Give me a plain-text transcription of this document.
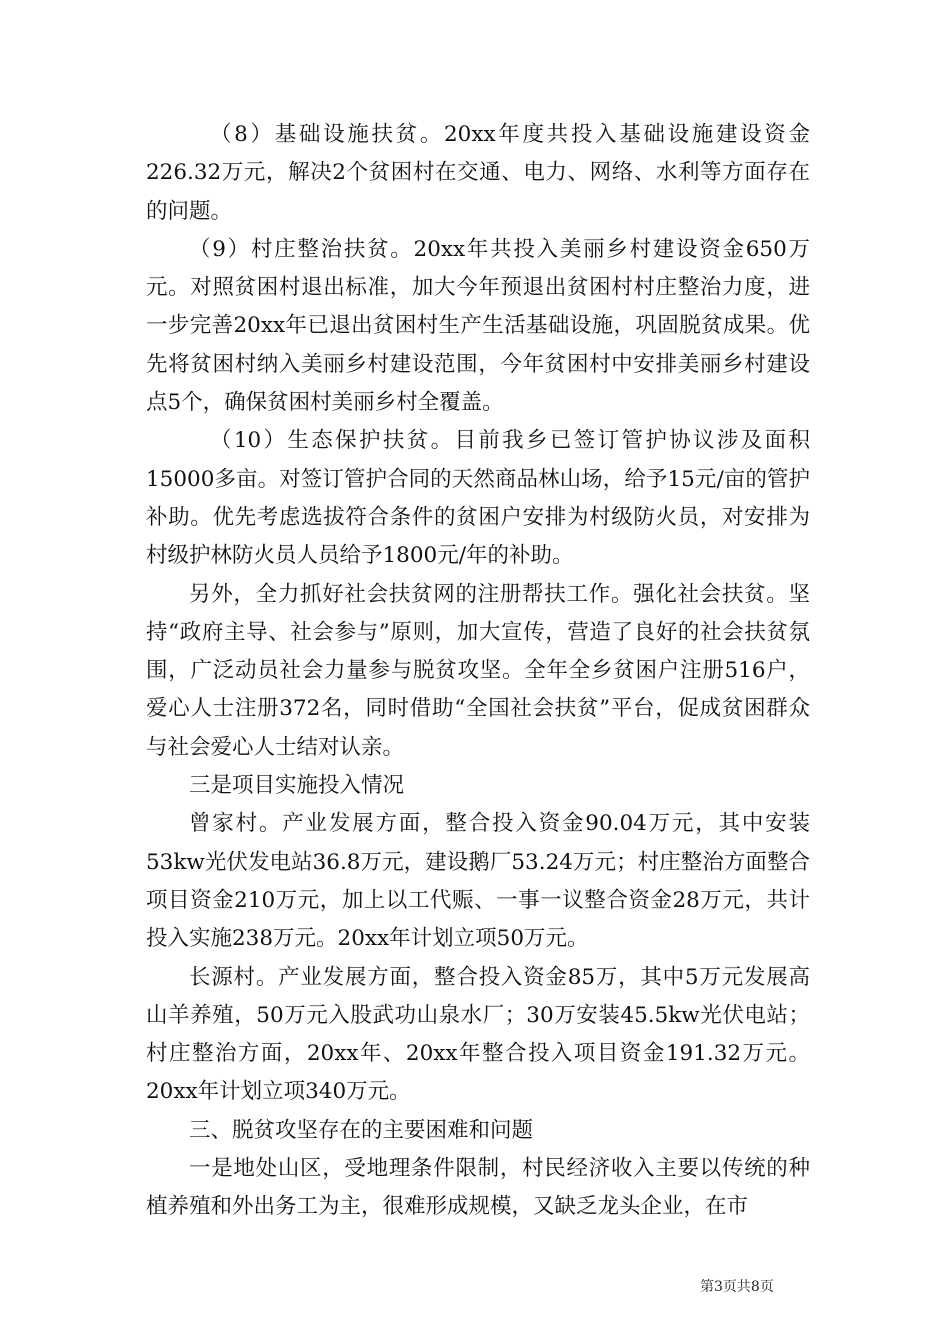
（8）基础设施扶贫。20xx年度共投入基础设施建设资金226.32万元，解决2个贫困村在交通、电力、网络、水利等方面存在的问题。

（9）村庄整治扶贫。20xx年共投入美丽乡村建设资金650万元。对照贫困村退出标准，加大今年预退出贫困村村庄整治力度，进一步完善20xx年已退出贫困村生产生活基础设施，巩固脱贫成果。优先将贫困村纳入美丽乡村建设范围，今年贫困村中安排美丽乡村建设点5个，确保贫困村美丽乡村全覆盖。

（10）生态保护扶贫。目前我乡已签订管护协议涉及面积15000多亩。对签订管护合同的天然商品林山场，给予15元/亩的管护补助。优先考虑选拔符合条件的贫困户安排为村级防火员，对安排为村级护林防火员人员给予1800元/年的补助。

另外，全力抓好社会扶贫网的注册帮扶工作。强化社会扶贫。坚持“政府主导、社会参与”原则，加大宣传，营造了良好的社会扶贫氛围，广泛动员社会力量参与脱贫攻坚。全年全乡贫困户注册516户，爱心人士注册372名，同时借助“全国社会扶贫”平台，促成贫困群众与社会爱心人士结对认亲。

三是项目实施投入情况

曾家村。产业发展方面，整合投入资金90.04万元，其中安装53kw光伏发电站36.8万元，建设鹅厂53.24万元；村庄整治方面整合项目资金210万元，加上以工代赈、一事一议整合资金28万元，共计投入实施238万元。20xx年计划立项50万元。

长源村。产业发展方面，整合投入资金85万，其中5万元发展高山羊养殖，50万元入股武功山泉水厂；30万安装45.5kw光伏电站；村庄整治方面，20xx年、20xx年整合投入项目资金191.32万元。20xx年计划立项340万元。

三、脱贫攻坚存在的主要困难和问题

一是地处山区，受地理条件限制，村民经济收入主要以传统的种植养殖和外出务工为主，很难形成规模，又缺乏龙头企业，在市

第3页共8页
